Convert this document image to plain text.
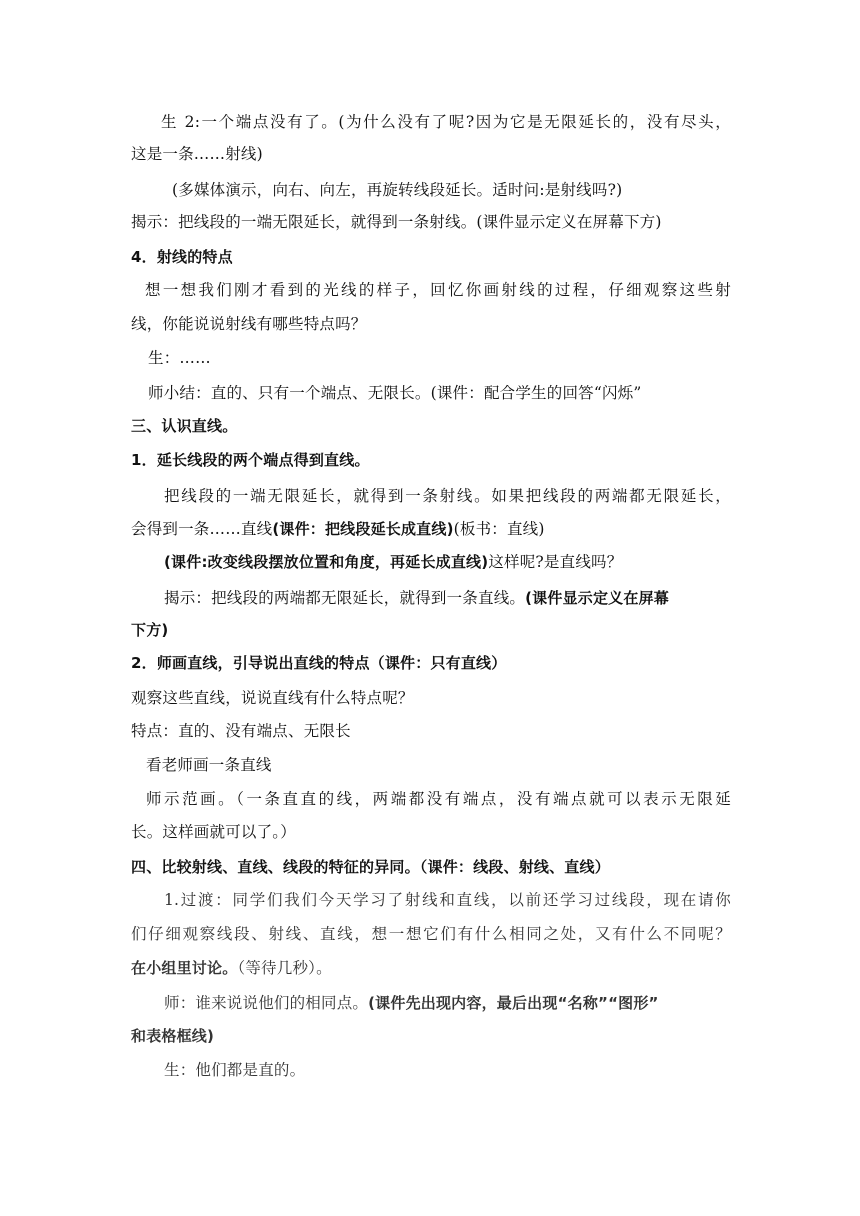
生 2:一个端点没有了。(为什么没有了呢?因为它是无限延长的，没有尽头，
这是一条……射线)
(多媒体演示，向右、向左，再旋转线段延长。适时问:是射线吗?)
揭示：把线段的一端无限延长，就得到一条射线。(课件显示定义在屏幕下方)
4．射线的特点
想一想我们刚才看到的光线的样子，回忆你画射线的过程，仔细观察这些射
线，你能说说射线有哪些特点吗？
生：……
师小结：直的、只有一个端点、无限长。(课件：配合学生的回答“闪烁”
三、认识直线。
1．延长线段的两个端点得到直线。
把线段的一端无限延长，就得到一条射线。如果把线段的两端都无限延长，
会得到一条……直线(课件：把线段延长成直线)(板书：直线)
(课件:改变线段摆放位置和角度，再延长成直线)这样呢?是直线吗？
揭示：把线段的两端都无限延长，就得到一条直线。(课件显示定义在屏幕
下方)
2．师画直线，引导说出直线的特点（课件：只有直线）
观察这些直线，说说直线有什么特点呢？
特点：直的、没有端点、无限长
看老师画一条直线
师示范画。（一条直直的线，两端都没有端点，没有端点就可以表示无限延
长。这样画就可以了。）
四、比较射线、直线、线段的特征的异同。（课件：线段、射线、直线）
1.过渡：同学们我们今天学习了射线和直线，以前还学习过线段，现在请你
们仔细观察线段、射线、直线，想一想它们有什么相同之处，又有什么不同呢？
在小组里讨论。（等待几秒）。
师：谁来说说他们的相同点。(课件先出现内容，最后出现“名称”“图形”
和表格框线)
生：他们都是直的。
